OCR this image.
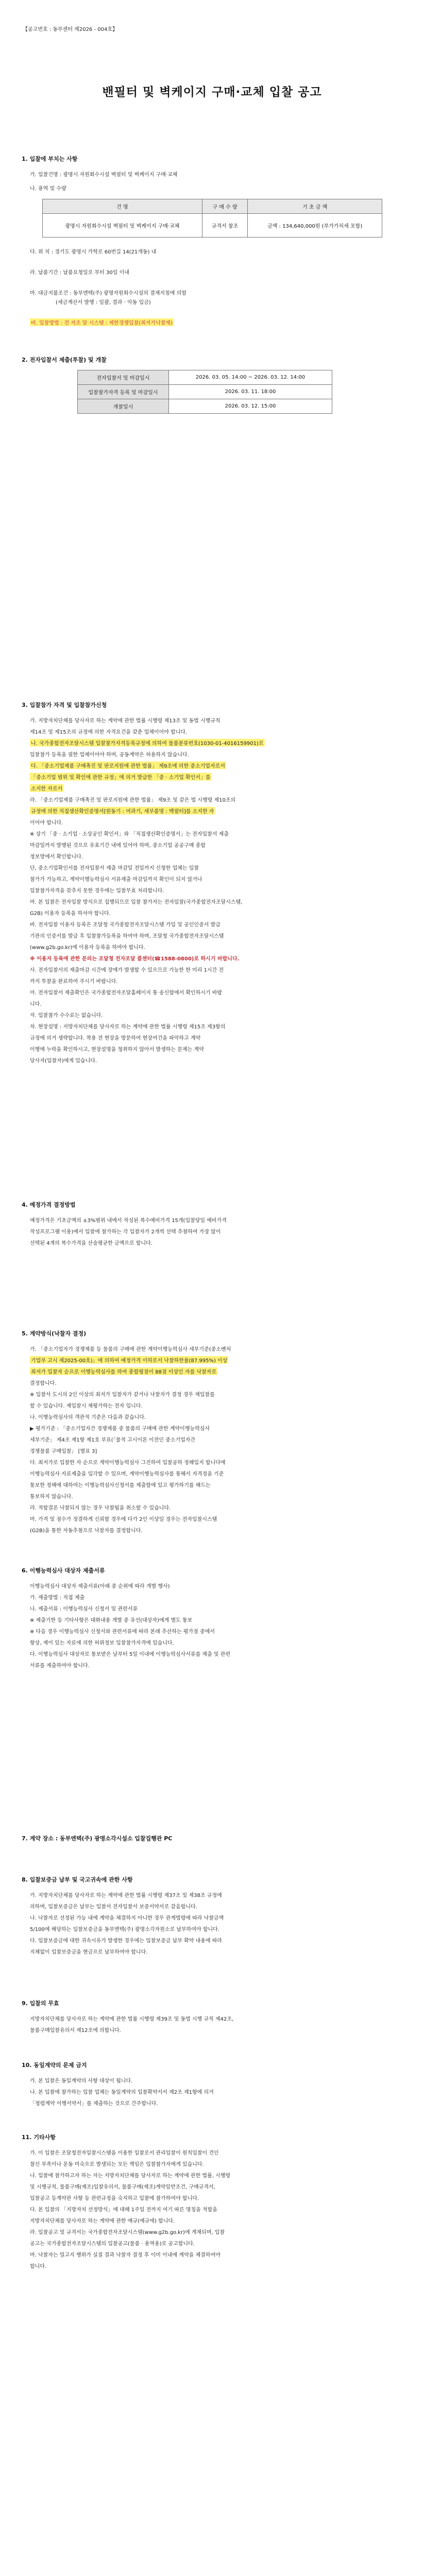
【공고번호 : 동부센터 제2026 - 004호】
밴필터 및 벽케이지 구매·교체 입찰 공고
1. 입찰에 부치는 사항
가. 입찰건명 : 광명시 자원회수시설 벽필터 및 벽케이지 구매·교체
나. 용역 및 수량
건 명	구 매 수 량	기 초 금 액
광명시 자원회수시설 벽필터 및 벽케이지 구매·교체	규격서 참조	금액 : 134,640,000원 (부가가치세 포함)
다. 위 치 : 경기도 광명시 가학로 60번길 14(21개동) 내
라. 납품기간 : 납품요청일로 부터 30일 이내
마. 대금지불조건 : 동부엔텍(주) 광명자원회수시설의 결재지침에 의함
(세금계산서 발행 : 일괄, 결과 · 악동 입금)
바. 입찰방법 : 전 자조 달 시스템 : 제한경쟁입찰(최저가낙찰제)
2. 전자입찰서 제출(투찰) 및 개찰
전자입찰서 및 마감일시	2026. 03. 05. 14:00 ~ 2026. 03. 12. 14:00
입찰참가자격 등록 및 마감일시	2026. 03. 11. 18:00
개찰일시	2026. 03. 12. 15:00
3. 입찰참가 자격 및 입찰참가신청
가. 지방자치단체를 당사자로 하는 계약에 관한 법률 시행령 제13조 및 동법 시행규칙
제14조 및 제15조의 규정에 의한 자격요건을 갖춘 업체이어야 합니다.
나. 국가종합전자조달시스템 입찰참가자격등록규정에 의하여 물품분류번호(1030-01-4016159901)로
입찰참가 등록을 필한 업체이어야 하며, 공동계약은 허용하지 않습니다.
다. 「중소기업제품 구매촉진 및 판로지원에 관한 법률」 제9조에 의한 중소기업자로서
「중소기업 범위 및 확인에 관한 규정」에 의거 발급한 「중 · 소기업 확인서」를
소지한 자로서
라. 「중소기업제품 구매촉진 및 판로지원에 관한 법률」 제9조 및 같은 법 시행령 제10조의
규정에 의한 직접생산확인증명서[원동기 : 여과기, 세부품명 : 백필터]를 소지한 자
이어야 합니다.
※ 상기 「중 · 소기업 · 소상공인 확인서」와 「직접생산확인증명서」는 전자입찰서 제출
마감일까지 발행된 것으로 유효기간 내에 있어야 하며, 중소기업 공공구매 종합
정보망에서 확인합니다.
단, 중소기업확인서를 전자입찰서 제출 마감일 전일까지 신청한 업체는 입찰
참가가 가능하고, 계약이행능력심사 서류제출 마감일까지 확인이 되지 않거나
입찰참가자격을 갖추지 못한 경우에는 입찰무효 처리합니다.
마. 본 입찰은 전자입찰 방식으로 집행되므로 입찰 참가자는 전자입찰(국가종합전자조달시스템,
G2B) 이용자 등록을 하셔야 합니다.
바. 전자입찰 이용자 등록은 조달청 국가종합전자조달시스템 가입 및 공인인증서 발급
기관의 인증서를 발급 후 입찰참가등록을 하여야 하며, 조달청 국가종합전자조달시스템
(www.g2b.go.kr)에 이용자 등록을 하여야 합니다.
※ 이용자 등록에 관한 문의는 조달청 전자조달 콜센터(☎1588-0800)로 하시기 바랍니다.
사. 전자입찰서의 제출마감 시간에 장애가 발생할 수 있으므로 가능한 한 미리 1시간 전
까지 투찰을 완료하여 주시기 바랍니다.
아. 전자입찰서 제출확인은 국가종합전자조달홈페이지 통 송신함에서 확인하시기 바랍
니다.
자. 입찰참가 수수료는 없습니다.
차. 현장설명 : 지방자치단체를 당사자로 하는 계약에 관한 법률 시행령 제15조 제3항의
규정에 의거 생략합니다. 착용 전 현장을 방문하여 현장여건을 파악하고 계약
이행에 누락을 확인하시고, 현장설명을 청취하지 않아서 발생하는 문제는 계약
당사자(입찰자)에게 있습니다.
4. 예정가격 결정방법
예정가격은 기초금액의 ±3%범위 내에서 작성된 복수예비가격 15개(입찰당일 예비가격
작성프로그램 이용)에서 입찰에 참가하는 각 입찰자가 2개씩 선택 추첨하여 가장 많이
선택된 4개의 복수가격을 산술평균한 금액으로 합니다.
5. 계약방식(낙찰자 결정)
가. 「중소기업자가 경쟁제품 등 물품의 구매에 관한 계약이행능력심사 세부기준(중소벤처
기업부 고시 제2025-00호)」에 의하여 예정가격 이하로서 낙찰하한율(87.995%) 이상
최저가 입찰자 순으로 이행능력심사를 하여 종합평점이 88점 이상인 자를 낙찰자로
결정합니다.
※ 입찰서 도시의 2인 이상의 최저가 입찰자가 같거나 낙찰자가 결정 경우 재입찰를
할 수 있습니다. 재입찰시 재평가하는 전자 입니다.
나. 이행능력심사의 객관적 기준은 다음과 같습니다.
▶ 평가기준 : 「중소기업자간 경쟁제품 중 물품의 구매에 관한 계약이행능력심사
세부기준」 제4조 제1항 제1호 부표(「물적 고시이론 이전인 중소기업자간
경쟁물품 구매입찰」 [별표 3]
다. 최저가로 입찰한 자 순으로 계약이행능력심사 그진하여 입찰공하 정해입지 합니다에
이행능력심사 자료제출을 입각할 수 있으며, 계약이행능력심사를 통해서 자격정을 기준
통보한 정해에 대하여는 이행능력심사신청서를 제출함에 있고 평가하기를 해드는
통보하지 않습니다.
라. 적합결론 낙찰되지 않는 경우 낙찰됩을 취소할 수 있습니다.
마. 가격 및 점수가 정결하게 신뢰할 경우에 다가 2인 이상일 경우는 전자입찰시스템
(G2B)을 통한 자동추첨으로 낙찰자를 결정합니다.
6. 이행능력심사 대상자 제출서류
이행능력심사 대상자 제출서류(아래 중 순위에 따라 개별 행사)
가. 제출방법 : 직접 제출
나. 제출서류 : 이행능력심사 신청서 및 관련서류
※ 제출기한 등 기타사항은 대화내용 개별 중 유선(대상자)에게 별도 통보
※ 다음 경우 이행능력심사 신청서와 관련서류에 따라 본래 추산하는 평가점 중에서
항상, 제이 있는 자료에 의한 허위정보 입찰참가자격에 있습니다.
다. 이행능력심사 대상자로 통보받은 날부터 5일 이내에 이행능력심사서류를 제출 및 관련
서류를 제출하여야 합니다.
7. 계약 장소 : 동부엔텍(주) 광명소각시설소 입찰집행관 PC
8. 입찰보증금 납부 및 국고귀속에 관한 사항
가. 지방자치단체를 당사자로 하는 계약에 관한 법률 시행령 제37조 및 제38조 규정에
의하며, 입찰보증금은 납부는 입찰서 전자입찰서 보증서약서로 갈음합니다.
나. 낙찰자로 선정된 가능 내에 계약을 체결하지 아니한 경우 관계법령에 따라 낙찰금액
5/100에 해당하는 입찰보증금을 동부엔텍(주) 광명소각자원소로 납부하여야 합니다.
다. 입찰보증금에 대한 귀속시유가 발생한 경우에는 입찰보증금 납부 확약 내용에 따라
지체없이 입찰보증금을 현금으로 납부하여야 합니다.
9. 입찰의 무효
지방자치단체를 당사자로 하는 계약에 관한 법률 시행령 제39조 및 동법 시행 규칙 제42조,
물품구매입찰유의서 제12조에 의합니다.
10. 동일계약의 문제 금지
가. 본 입찰은 동일계약의 사항 대상이 됩니다.
나. 본 입찰에 참가하는 입찰 업체는 동일계약의 입찰확약서서 제2조 제1항에 의거
「청렴계약 이행서약서」를 제출하는 것으로 간주합니다.
11. 기타사항
가. 이 입찰은 조달청전자입찰시스템을 이용한 입찰로서 관리입찰이 원칙입찰이 견인
참신 부족이나 운동 미숙으로 발생되는 모든 책임은 입찰참가자에게 있습니다.
나. 입찰에 참가하고자 하는 자는 지방자치단체를 당사자로 하는 계약에 관한 법률, 시행령
및 시행규칙, 물품구매(제조)입찰유의서, 물품구매(제조)계약일반조건, 구매규격서,
입찰공고 등계약관 사항 등 관련규정을 숙지하고 입찰에 참가하여야 합니다.
다. 본 입찰의 「지방자치 선정방식」에 대해 1주일 전까지 여기 따른 명칭을 적합을
지방자치단체를 당사자로 하는 계약에 관한 예규(예규에) 합니다.
라. 입찰공고 및 규격서는 국가종합전자조달시스템(www.g2b.go.kr)에 게재되며, 입찰
공고는 국가종합전자조달시스템의 입찰공고(물품 · 용역용)로 공고합니다.
마. 낙찰자는 밀고지 행위가 실질 결과 낙찰자 결정 후 이미 이내에 계약을 체결하여야
합니다.
